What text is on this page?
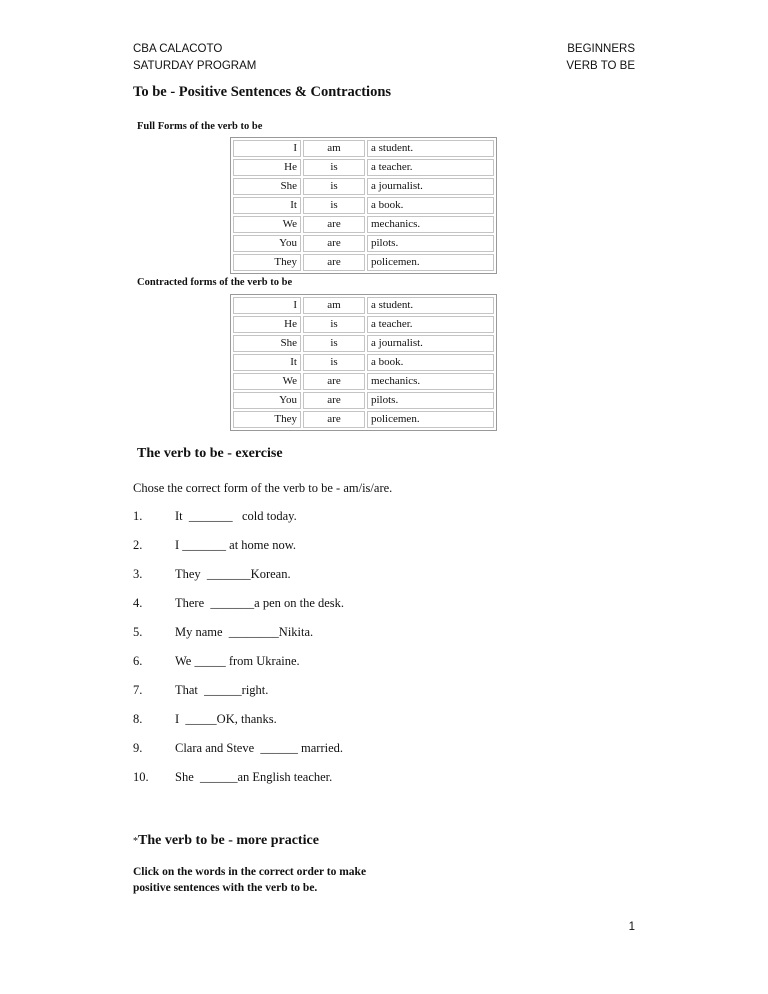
CBA CALACOTO
SATURDAY PROGRAM
BEGINNERS
VERB TO BE
To be - Positive Sentences & Contractions
Full Forms of the verb to be
I	am	a student.
He	is	a teacher.
She	is	a journalist.
It	is	a book.
We	are	mechanics.
You	are	pilots.
They	are	policemen.
Contracted forms of the verb to be
I	am	a student.
He	is	a teacher.
She	is	a journalist.
It	is	a book.
We	are	mechanics.
You	are	pilots.
They	are	policemen.
The verb to be - exercise
Chose the correct form of the verb to be - am/is/are.
1.	It  _______   cold today.
2.	I _______ at home now.
3.	They  _______Korean.
4.	There  _______a pen on the desk.
5.	My name  ________Nikita.
6.	We _____ from Ukraine.
7.	That  ______right.
8.	I  _____OK, thanks.
9.	Clara and Steve  ______ married.
10. She  ______an English teacher.
*The verb to be - more practice
Click on the words in the correct order to make
positive sentences with the verb to be.
1
